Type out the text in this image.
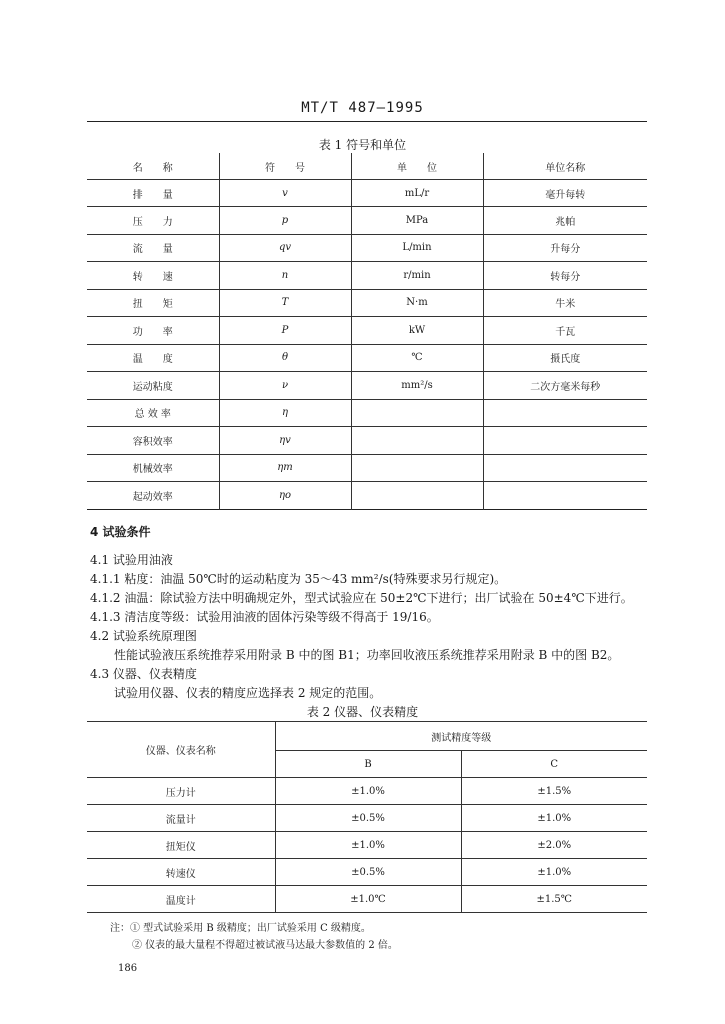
MT/T 487—1995
表 1 符号和单位
名　　称	符　　号	单　　位	单位名称
排　　量	v	mL/r	毫升每转
压　　力	p	MPa	兆帕
流　　量	qv	L/min	升每分
转　　速	n	r/min	转每分
扭　　矩	T	N·m	牛米
功　　率	P	kW	千瓦
温　　度	θ	℃	摄氏度
运动粘度	ν	mm²/s	二次方毫米每秒
总 效 率	η		
容积效率	ηv		
机械效率	ηm		
起动效率	ηo		
4 试验条件
4.1 试验用油液
4.1.1 粘度：油温 50℃时的运动粘度为 35～43 mm²/s(特殊要求另行规定)。
4.1.2 油温：除试验方法中明确规定外，型式试验应在 50±2℃下进行；出厂试验在 50±4℃下进行。
4.1.3 清洁度等级：试验用油液的固体污染等级不得高于 19/16。
4.2 试验系统原理图
性能试验液压系统推荐采用附录 B 中的图 B1；功率回收液压系统推荐采用附录 B 中的图 B2。
4.3 仪器、仪表精度
试验用仪器、仪表的精度应选择表 2 规定的范围。
表 2 仪器、仪表精度
仪器、仪表名称	测试精度等级	
	B	C
压力计	±1.0%	±1.5%
流量计	±0.5%	±1.0%
扭矩仪	±1.0%	±2.0%
转速仪	±0.5%	±1.0%
温度计	±1.0℃	±1.5℃
注：① 型式试验采用 B 级精度；出厂试验采用 C 级精度。
② 仪表的最大量程不得超过被试液马达最大参数值的 2 倍。
186
